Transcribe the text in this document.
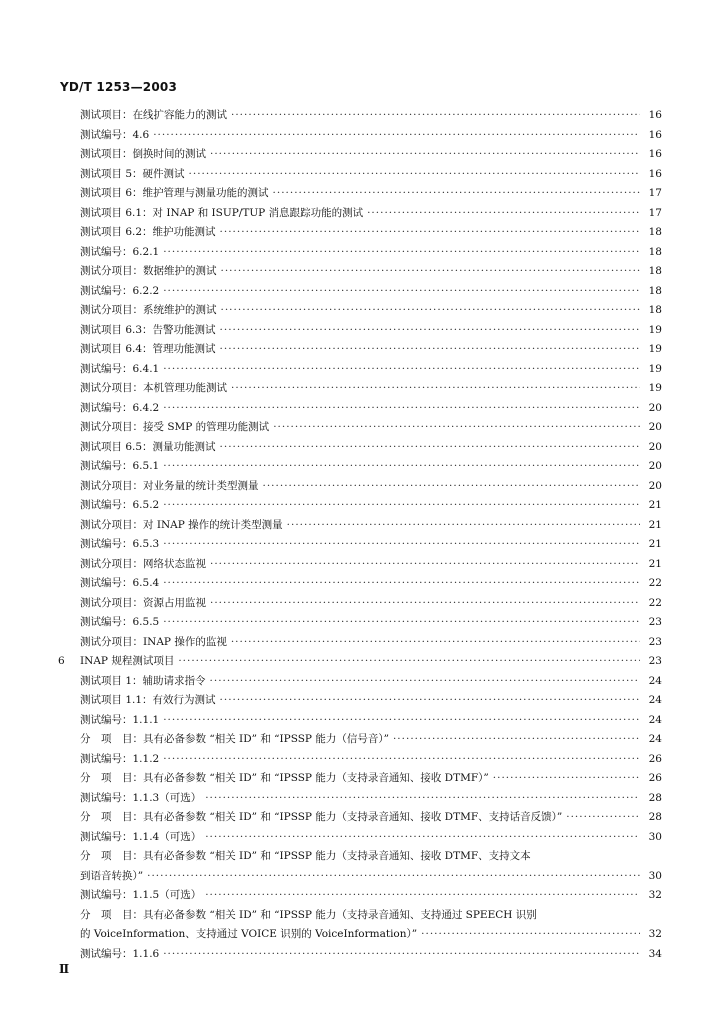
YD/T 1253—2003
测试项目：在线扩容能力的测试 ·····	16
测试编号：4.6 ·····	16
测试项目：倒换时间的测试 ·····	16
测试项目 5：硬件测试 ·····	16
测试项目 6：维护管理与测量功能的测试 ·····	17
测试项目 6.1：对 INAP 和 ISUP/TUP 消息跟踪功能的测试 ·····	17
测试项目 6.2：维护功能测试 ·····	18
测试编号：6.2.1 ·····	18
测试分项目：数据维护的测试 ·····	18
测试编号：6.2.2 ·····	18
测试分项目：系统维护的测试 ·····	18
测试项目 6.3：告警功能测试 ·····	19
测试项目 6.4：管理功能测试 ·····	19
测试编号：6.4.1 ·····	19
测试分项目：本机管理功能测试 ·····	19
测试编号：6.4.2 ·····	20
测试分项目：接受 SMP 的管理功能测试 ·····	20
测试项目 6.5：测量功能测试 ·····	20
测试编号：6.5.1 ·····	20
测试分项目：对业务量的统计类型测量 ·····	20
测试编号：6.5.2 ·····	21
测试分项目：对 INAP 操作的统计类型测量 ·····	21
测试编号：6.5.3 ·····	21
测试分项目：网络状态监视 ·····	21
测试编号：6.5.4 ·····	22
测试分项目：资源占用监视 ·····	22
测试编号：6.5.5 ·····	23
测试分项目：INAP 操作的监视 ·····	23
6	INAP 规程测试项目 ·····	23
测试项目 1：辅助请求指令 ·····	24
测试项目 1.1：有效行为测试 ·····	24
测试编号：1.1.1 ·····	24
分　项　目：具有必备参数 “相关 ID” 和 “IPSSP 能力（信号音）” ·····	24
测试编号：1.1.2 ·····	26
分　项　目：具有必备参数 “相关 ID” 和 “IPSSP 能力（支持录音通知、接收 DTMF）” ·····	26
测试编号：1.1.3（可选） ·····	28
分　项　目：具有必备参数 “相关 ID” 和 “IPSSP 能力（支持录音通知、接收 DTMF、支持话音反馈）” ·····	28
测试编号：1.1.4（可选） ·····	30
分　项　目：具有必备参数 “相关 ID” 和 “IPSSP 能力（支持录音通知、接收 DTMF、支持文本
到语音转换）” ·····	30
测试编号：1.1.5（可选） ·····	32
分　项　目：具有必备参数 “相关 ID” 和 “IPSSP 能力（支持录音通知、支持通过 SPEECH 识别
的 VoiceInformation、支持通过 VOICE 识别的 VoiceInformation）” ·····	32
测试编号：1.1.6 ·····	34
Ⅱ
